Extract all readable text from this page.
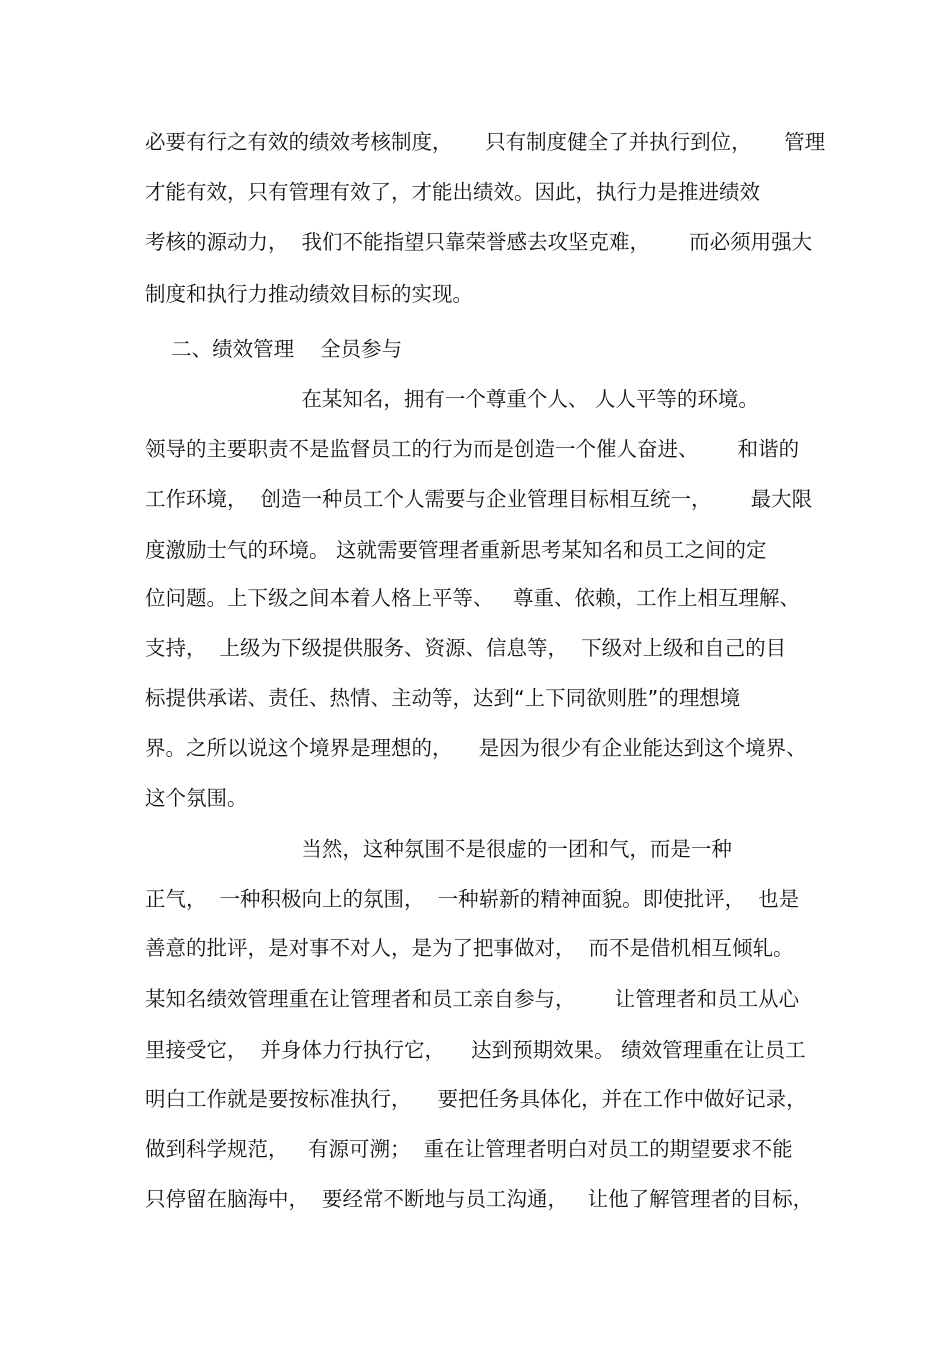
必要有行之有效的绩效考核制度，     只有制度健全了并执行到位，     管理
才能有效，只有管理有效了，才能出绩效。因此，执行力是推进绩效
考核的源动力，  我们不能指望只靠荣誉感去攻坚克难，      而必须用强大
制度和执行力推动绩效目标的实现。
二、绩效管理    全员参与
在某知名，拥有一个尊重个人、 人人平等的环境。
领导的主要职责不是监督员工的行为而是创造一个催人奋进、      和谐的
工作环境，  创造一种员工个人需要与企业管理目标相互统一，      最大限
度激励士气的环境。 这就需要管理者重新思考某知名和员工之间的定
位问题。上下级之间本着人格上平等、   尊重、依赖，工作上相互理解、
支持，  上级为下级提供服务、资源、信息等，  下级对上级和自己的目
标提供承诺、责任、热情、主动等，达到“上下同欲则胜”的理想境
界。之所以说这个境界是理想的，    是因为很少有企业能达到这个境界、
这个氛围。
当然，这种氛围不是很虚的一团和气，而是一种
正气，  一种积极向上的氛围，  一种崭新的精神面貌。即使批评，  也是
善意的批评，是对事不对人，是为了把事做对，  而不是借机相互倾轧。
某知名绩效管理重在让管理者和员工亲自参与，      让管理者和员工从心
里接受它，  并身体力行执行它，    达到预期效果。 绩效管理重在让员工
明白工作就是要按标准执行，    要把任务具体化，并在工作中做好记录，
做到科学规范，   有源可溯；  重在让管理者明白对员工的期望要求不能
只停留在脑海中，  要经常不断地与员工沟通，   让他了解管理者的目标，
